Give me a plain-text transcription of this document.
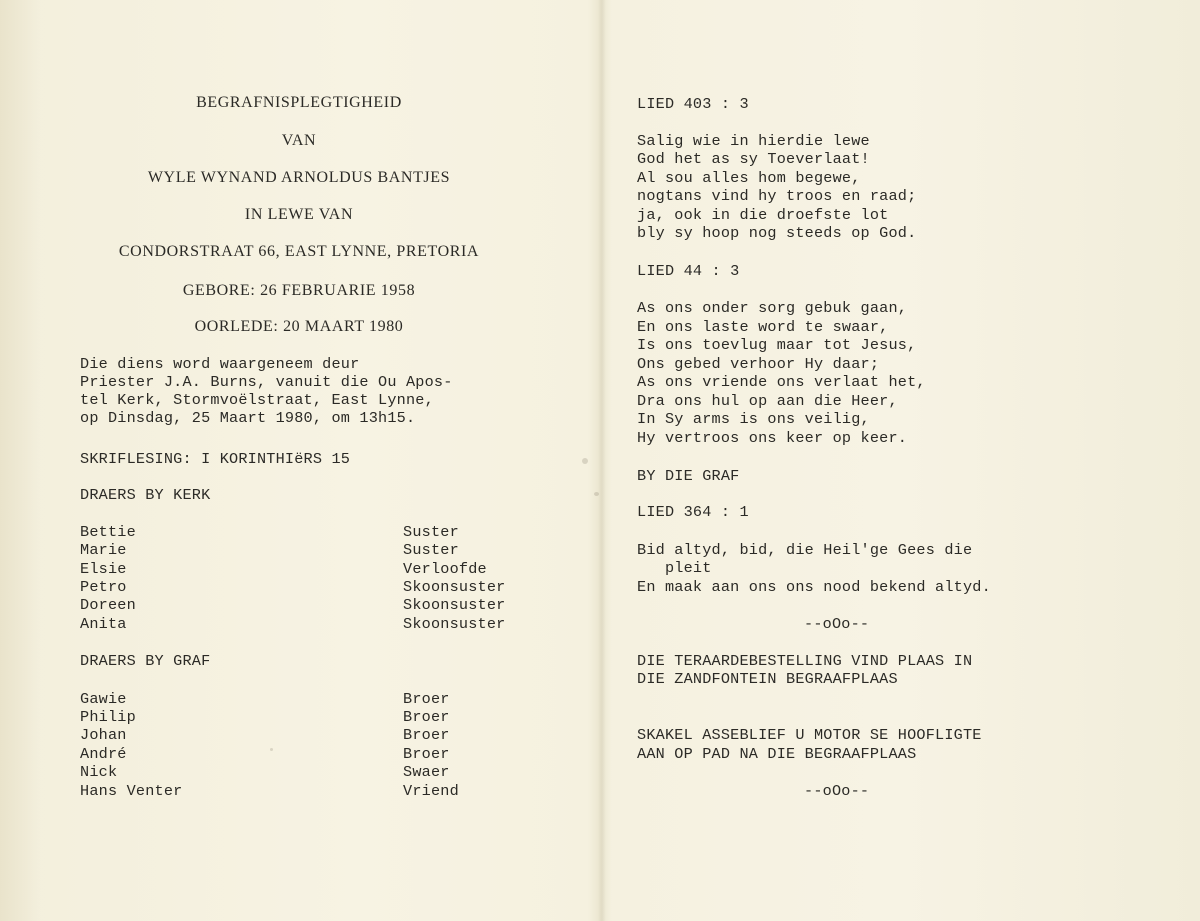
BEGRAFNISPLEGTIGHEID
VAN
WYLE WYNAND ARNOLDUS BANTJES
IN LEWE VAN
CONDORSTRAAT 66, EAST LYNNE, PRETORIA
GEBORE: 26 FEBRUARIE 1958
OORLEDE: 20 MAART 1980
Die diens word waargeneem deur
Priester J.A. Burns, vanuit die Ou Apos-
tel Kerk, Stormvoëlstraat, East Lynne,
op Dinsdag, 25 Maart 1980, om 13h15.
SKRIFLESING: I KORINTHIëRS 15
DRAERS BY KERK
Bettie	Suster
Marie	Suster
Elsie	Verloofde
Petro	Skoonsuster
Doreen	Skoonsuster
Anita	Skoonsuster
DRAERS BY GRAF
Gawie	Broer
Philip	Broer
Johan	Broer
André	Broer
Nick	Swaer
Hans Venter	Vriend
LIED 403 : 3
Salig wie in hierdie lewe
God het as sy Toeverlaat!
Al sou alles hom begewe,
nogtans vind hy troos en raad;
ja, ook in die droefste lot
bly sy hoop nog steeds op God.
LIED 44 : 3
As ons onder sorg gebuk gaan,
En ons laste word te swaar,
Is ons toevlug maar tot Jesus,
Ons gebed verhoor Hy daar;
As ons vriende ons verlaat het,
Dra ons hul op aan die Heer,
In Sy arms is ons veilig,
Hy vertroos ons keer op keer.
BY DIE GRAF
LIED 364 : 1
Bid altyd, bid, die Heil'ge Gees die
pleit
En maak aan ons ons nood bekend altyd.
--oOo--
DIE TERAARDEBESTELLING VIND PLAAS IN
DIE ZANDFONTEIN BEGRAAFPLAAS
SKAKEL ASSEBLIEF U MOTOR SE HOOFLIGTE
AAN OP PAD NA DIE BEGRAAFPLAAS
--oOo--
